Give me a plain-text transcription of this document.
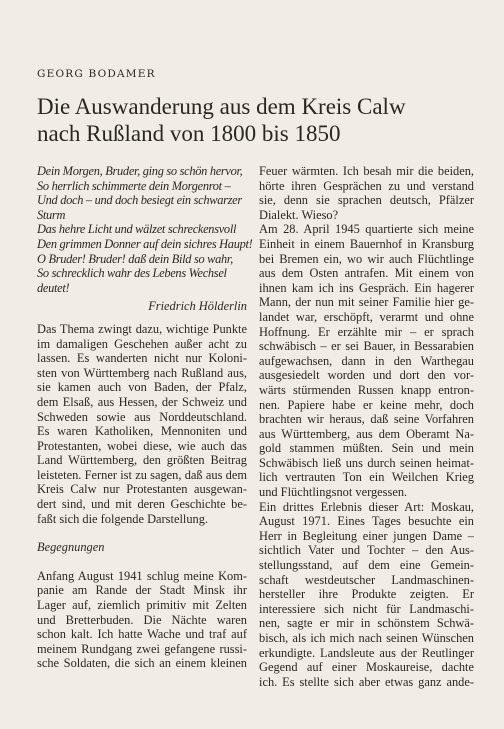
GEORG BODAMER
Die Auswanderung aus dem Kreis Calw
nach Rußland von 1800 bis 1850
Dein Morgen, Bruder, ging so schön hervor,
So herrlich schimmerte dein Morgenrot –
Und doch – und doch besiegt ein schwarzer
Sturm
Das hehre Licht und wälzet schreckensvoll
Den grimmen Donner auf dein sichres Haupt!
O Bruder! Bruder! daß dein Bild so wahr,
So schrecklich wahr des Lebens Wechsel
deutet!
Friedrich Hölderlin
Das Thema zwingt dazu, wichtige Punkte
im damaligen Geschehen außer acht zu
lassen. Es wanderten nicht nur Koloni-
sten von Württemberg nach Rußland aus,
sie kamen auch von Baden, der Pfalz,
dem Elsaß, aus Hessen, der Schweiz und
Schweden sowie aus Norddeutschland.
Es waren Katholiken, Mennoniten und
Protestanten, wobei diese, wie auch das
Land Württemberg, den größten Beitrag
leisteten. Ferner ist zu sagen, daß aus dem
Kreis Calw nur Protestanten ausgewan-
dert sind, und mit deren Geschichte be-
faßt sich die folgende Darstellung.
Begegnungen
Anfang August 1941 schlug meine Kom-
panie am Rande der Stadt Minsk ihr
Lager auf, ziemlich primitiv mit Zelten
und Bretterbuden. Die Nächte waren
schon kalt. Ich hatte Wache und traf auf
meinem Rundgang zwei gefangene russi-
sche Soldaten, die sich an einem kleinen
Feuer wärmten. Ich besah mir die beiden,
hörte ihren Gesprächen zu und verstand
sie, denn sie sprachen deutsch, Pfälzer
Dialekt. Wieso?
Am 28. April 1945 quartierte sich meine
Einheit in einem Bauernhof in Kransburg
bei Bremen ein, wo wir auch Flüchtlinge
aus dem Osten antrafen. Mit einem von
ihnen kam ich ins Gespräch. Ein hagerer
Mann, der nun mit seiner Familie hier ge-
landet war, erschöpft, verarmt und ohne
Hoffnung. Er erzählte mir – er sprach
schwäbisch – er sei Bauer, in Bessarabien
aufgewachsen, dann in den Warthegau
ausgesiedelt worden und dort den vor-
wärts stürmenden Russen knapp entron-
nen. Papiere habe er keine mehr, doch
brachten wir heraus, daß seine Vorfahren
aus Württemberg, aus dem Oberamt Na-
gold stammen müßten. Sein und mein
Schwäbisch ließ uns durch seinen heimat-
lich vertrauten Ton ein Weilchen Krieg
und Flüchtlingsnot vergessen.
Ein drittes Erlebnis dieser Art: Moskau,
August 1971. Eines Tages besuchte ein
Herr in Begleitung einer jungen Dame –
sichtlich Vater und Tochter – den Aus-
stellungsstand, auf dem eine Gemein-
schaft westdeutscher Landmaschinen-
hersteller ihre Produkte zeigten. Er
interessiere sich nicht für Landmaschi-
nen, sagte er mir in schönstem Schwä-
bisch, als ich mich nach seinen Wünschen
erkundigte. Landsleute aus der Reutlinger
Gegend auf einer Moskaureise, dachte
ich. Es stellte sich aber etwas ganz ande-
